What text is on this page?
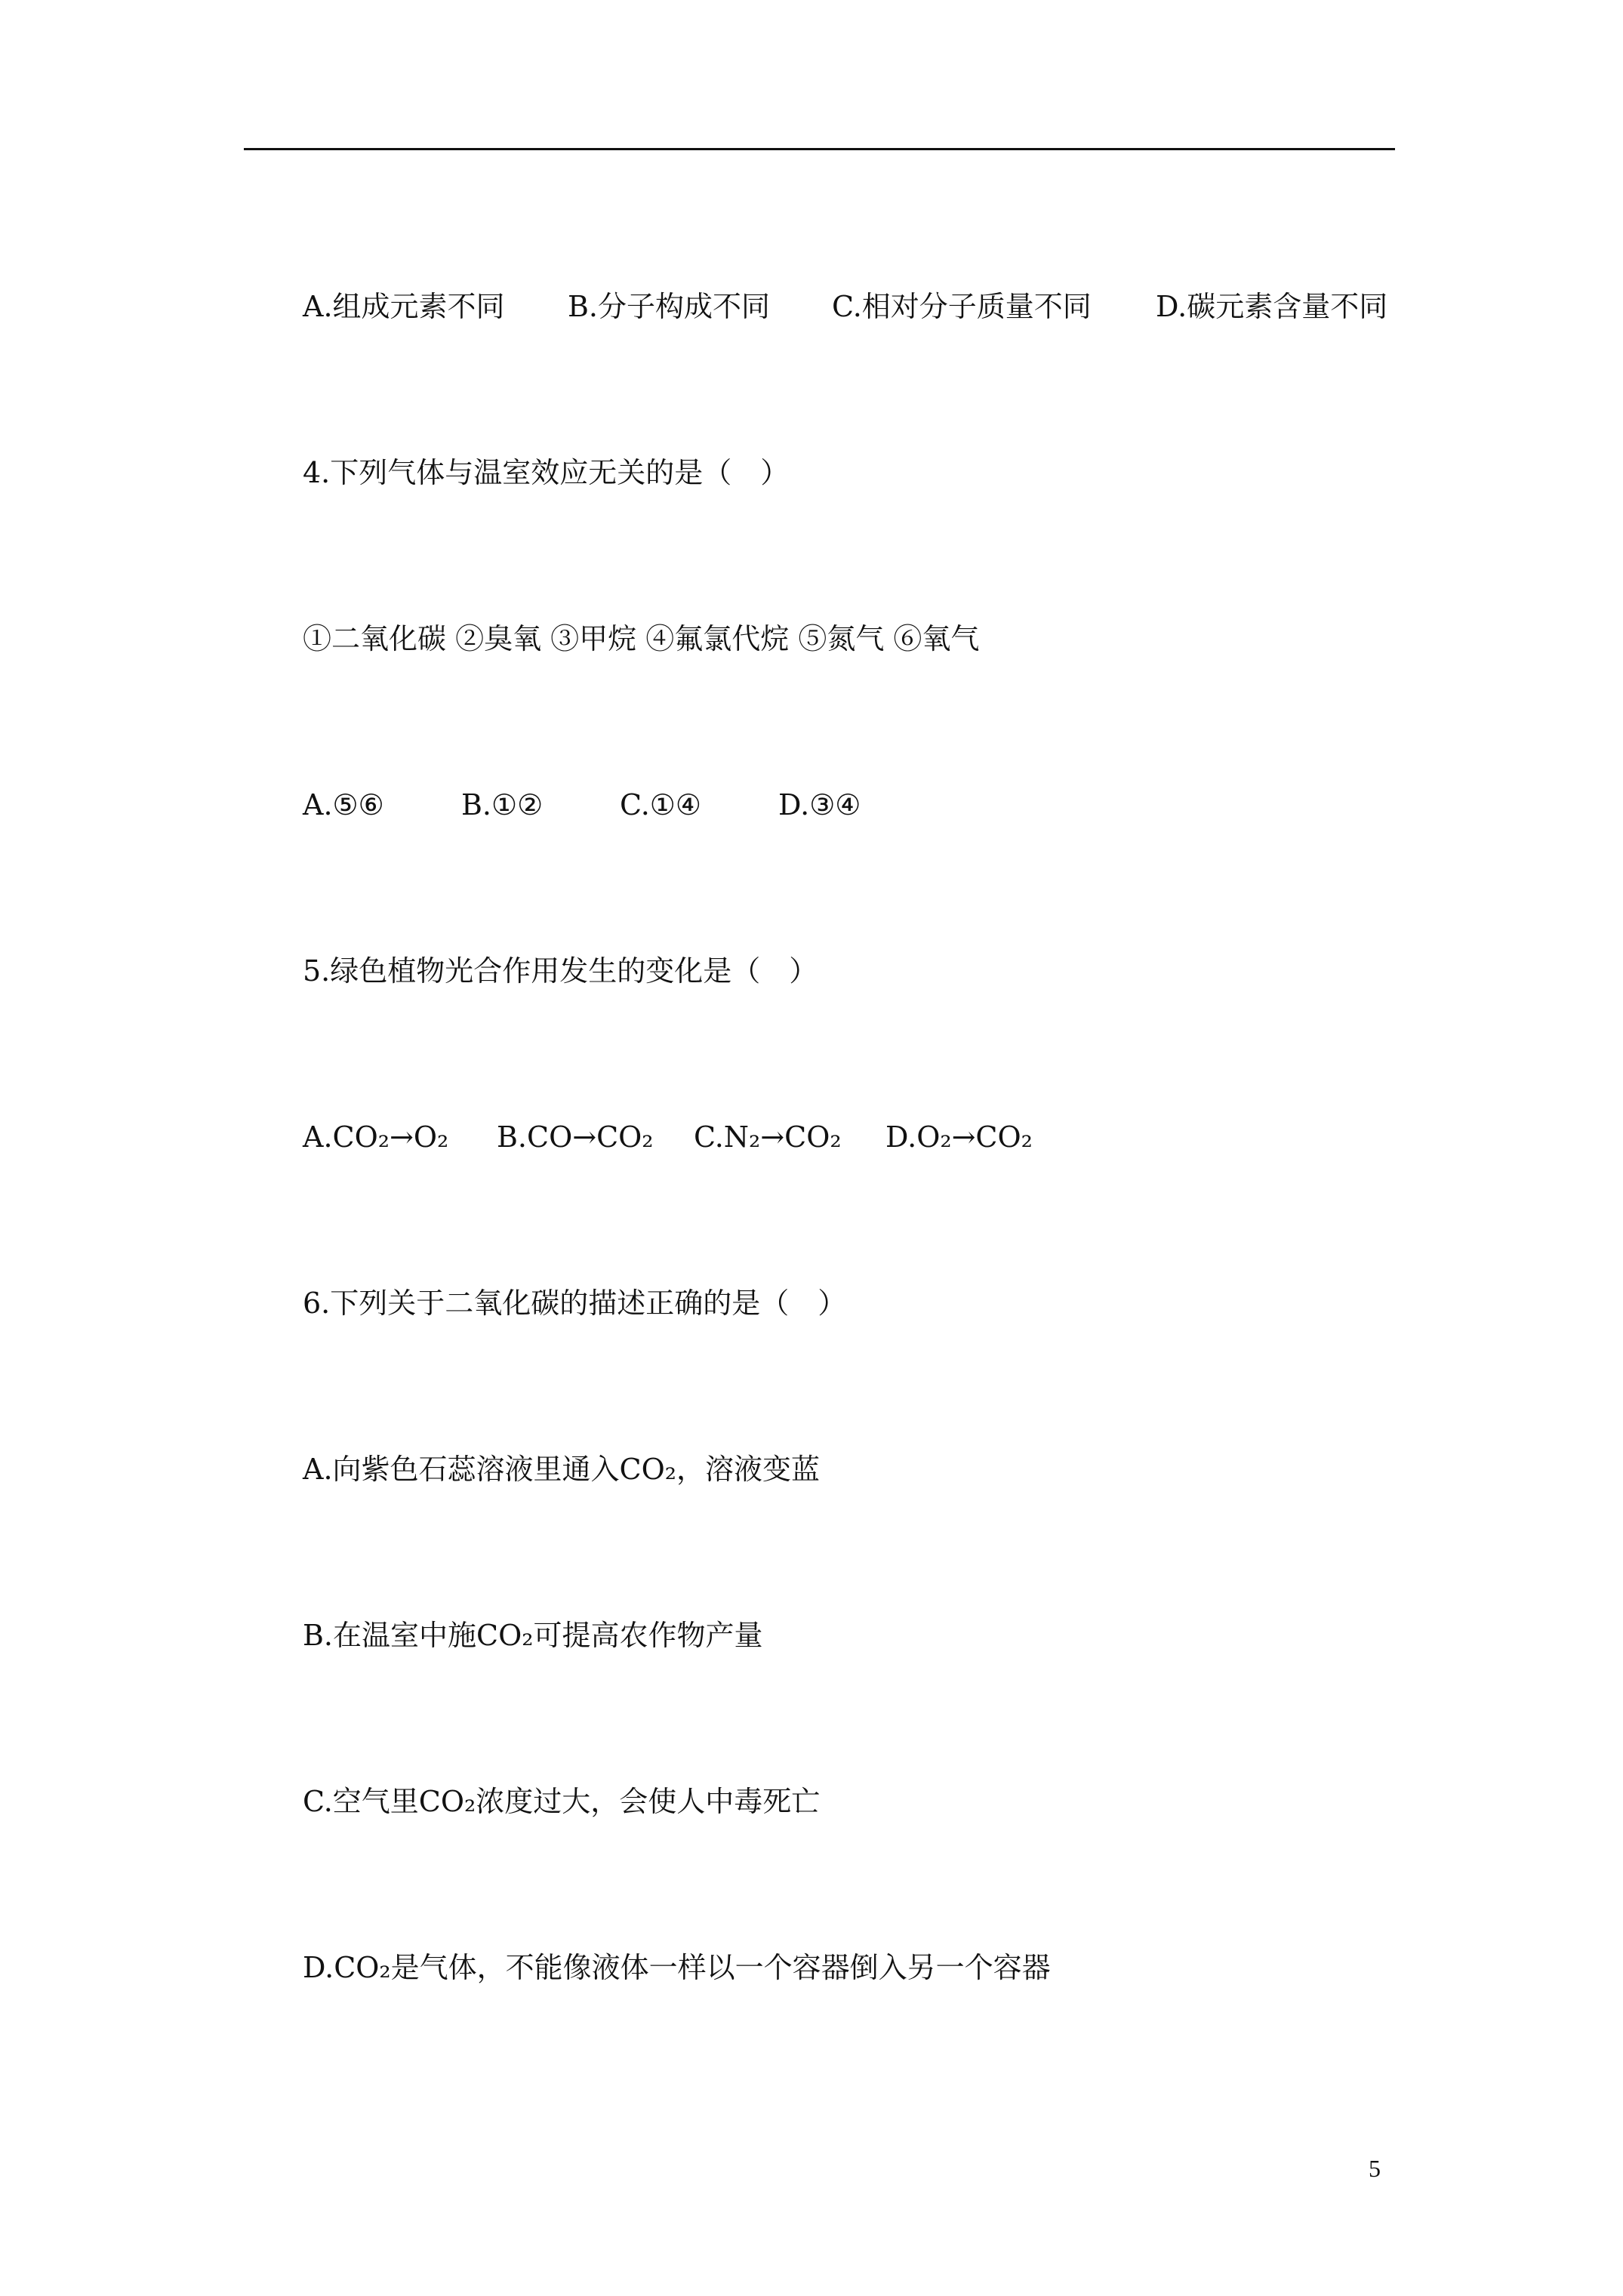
A.组成元素不同 B.分子构成不同 C.相对分子质量不同 D.碳元素含量不同
4.下列气体与温室效应无关的是（　）
①二氧化碳 ②臭氧 ③甲烷 ④氟氯代烷 ⑤氮气 ⑥氧气
A.⑤⑥	B.①②	C.①④	D.③④
5.绿色植物光合作用发生的变化是（　）
A.CO₂→O₂ B.CO→CO₂ C.N₂→CO₂ D.O₂→CO₂
6.下列关于二氧化碳的描述正确的是（　）
A.向紫色石蕊溶液里通入CO₂，溶液变蓝
B.在温室中施CO₂可提高农作物产量
C.空气里CO₂浓度过大，会使人中毒死亡
D.CO₂是气体，不能像液体一样以一个容器倒入另一个容器
5
